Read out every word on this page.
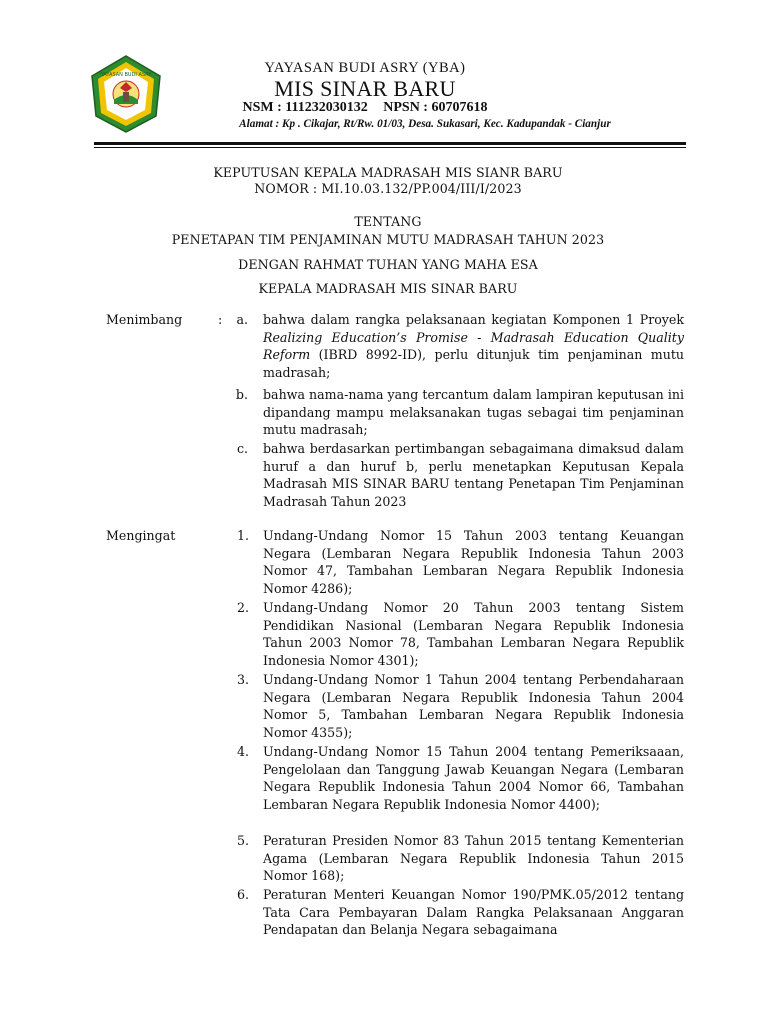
YAYASAN BUDI ASRY	YAYASAN BUDI ASRY (YBA)
MIS SINAR BARU
NSM : 111232030132 NPSN : 60707618
Alamat : Kp . Cikajar, Rt/Rw. 01/03, Desa. Sukasari, Kec. Kadupandak - Cianjur
KEPUTUSAN KEPALA MADRASAH MIS SIANR BARU
NOMOR : MI.10.03.132/PP.004/III/I/2023
TENTANG
PENETAPAN TIM PENJAMINAN MUTU MADRASAH TAHUN 2023
DENGAN RAHMAT TUHAN YANG MAHA ESA
KEPALA MADRASAH MIS SINAR BARU
Menimbang	:	a. bahwa dalam rangka pelaksanaan kegiatan Komponen 1 Proyek Realizing Education’s Promise - Madrasah Education Quality Reform (IBRD 8992-ID), perlu ditunjuk tim penjaminan mutu madrasah;
b. bahwa nama-nama yang tercantum dalam lampiran keputusan ini dipandang mampu melaksanakan tugas sebagai tim penjaminan mutu madrasah;
c. bahwa berdasarkan pertimbangan sebagaimana dimaksud dalam huruf a dan huruf b, perlu menetapkan Keputusan Kepala Madrasah MIS SINAR BARU tentang Penetapan Tim Penjaminan Madrasah Tahun 2023
Mengingat	1. Undang-Undang Nomor 15 Tahun 2003 tentang Keuangan Negara (Lembaran Negara Republik Indonesia Tahun 2003 Nomor 47, Tambahan Lembaran Negara Republik Indonesia Nomor 4286);
2. Undang-Undang Nomor 20 Tahun 2003 tentang Sistem Pendidikan Nasional (Lembaran Negara Republik Indonesia Tahun 2003 Nomor 78, Tambahan Lembaran Negara Republik Indonesia Nomor 4301);
3. Undang-Undang Nomor 1 Tahun 2004 tentang Perbendaharaan Negara (Lembaran Negara Republik Indonesia Tahun 2004 Nomor 5, Tambahan Lembaran Negara Republik Indonesia Nomor 4355);
4. Undang-Undang Nomor 15 Tahun 2004 tentang Pemeriksaaan, Pengelolaan dan Tanggung Jawab Keuangan Negara (Lembaran Negara Republik Indonesia Tahun 2004 Nomor 66, Tambahan Lembaran Negara Republik Indonesia Nomor 4400);
5. Peraturan Presiden Nomor 83 Tahun 2015 tentang Kementerian Agama (Lembaran Negara Republik Indonesia Tahun 2015 Nomor 168);
6. Peraturan Menteri Keuangan Nomor 190/PMK.05/2012 tentang Tata Cara Pembayaran Dalam Rangka Pelaksanaan Anggaran Pendapatan dan Belanja Negara sebagaimana
